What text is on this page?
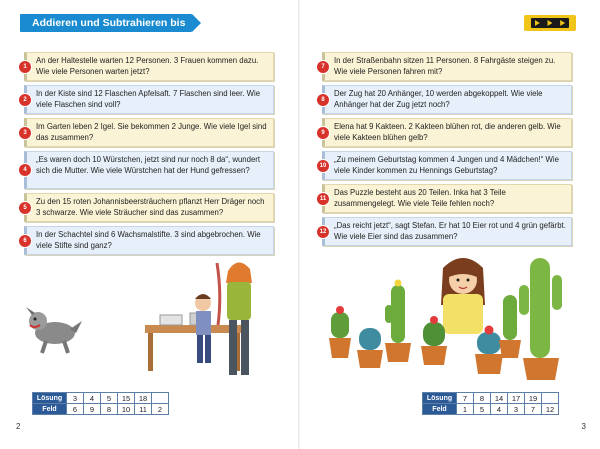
Addieren und Subtrahieren bis 20
1
An der Haltestelle warten 12 Personen. 3 Frauen kommen dazu. Wie viele Personen warten jetzt?
2
In der Kiste sind 12 Flaschen Apfelsaft. 7 Flaschen sind leer. Wie viele Flaschen sind voll?
3
Im Garten leben 2 Igel. Sie bekommen 2 Junge. Wie viele Igel sind das zusammen?
4
„Es waren doch 10 Würstchen, jetzt sind nur noch 8 da“, wundert sich die Mutter. Wie viele Würstchen hat der Hund gefressen?
5
Zu den 15 roten Johannisbeersträuchern pflanzt Herr Dräger noch 3 schwarze. Wie viele Sträucher sind das zusammen?
6
In der Schachtel sind 6 Wachsmalstifte. 3 sind abgebrochen. Wie viele Stifte sind ganz?
Lösung	3	4	5	15	18	
Feld	6	9	8	10	11	2
2
7
In der Straßenbahn sitzen 11 Personen. 8 Fahrgäste steigen zu. Wie viele Personen fahren mit?
8
Der Zug hat 20 Anhänger, 10 werden abgekoppelt. Wie viele Anhänger hat der Zug jetzt noch?
9
Elena hat 9 Kakteen. 2 Kakteen blühen rot, die anderen gelb. Wie viele Kakteen blühen gelb?
10
„Zu meinem Geburtstag kommen 4 Jungen und 4 Mädchen!“ Wie viele Kinder kommen zu Hennings Geburtstag?
11
Das Puzzle besteht aus 20 Teilen. Inka hat 3 Teile zusammengelegt. Wie viele Teile fehlen noch?
12
„Das reicht jetzt“, sagt Stefan. Er hat 10 Eier rot und 4 grün gefärbt. Wie viele Eier sind das zusammen?
Lösung	7	8	14	17	19	
Feld	1	5	4	3	7	12
3
